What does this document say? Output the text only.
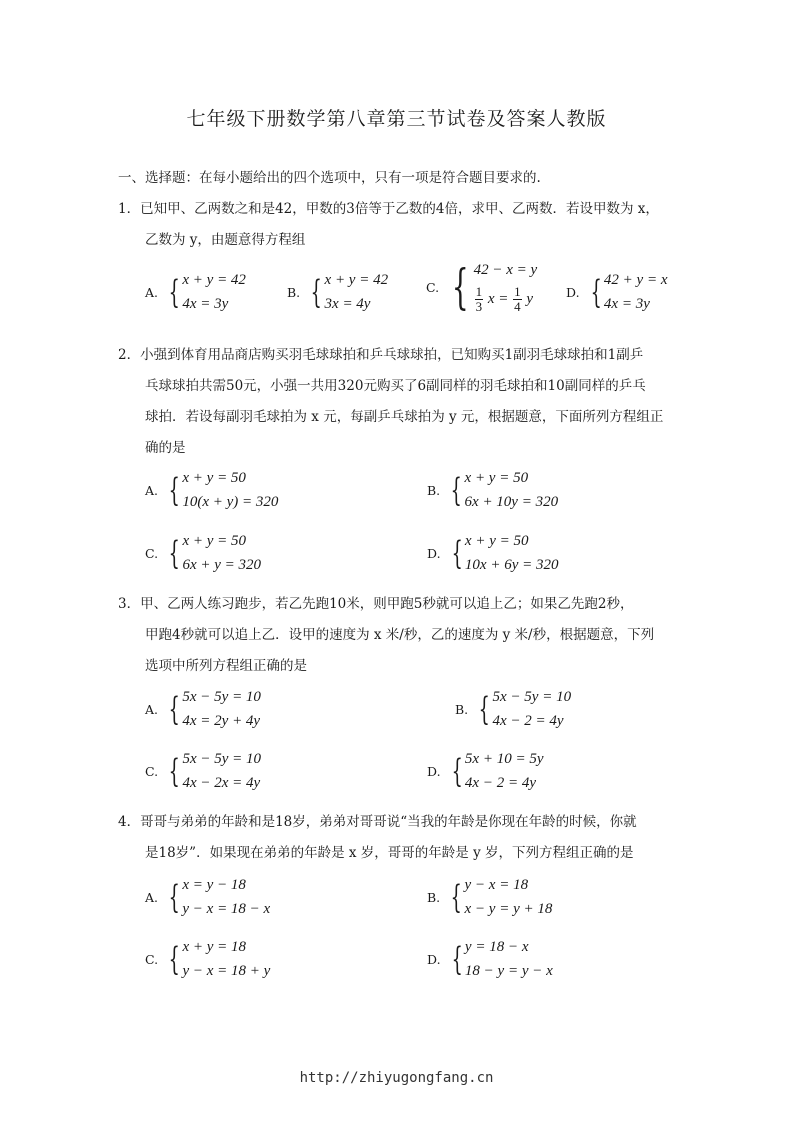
七年级下册数学第八章第三节试卷及答案人教版
一、选择题：在每小题给出的四个选项中，只有一项是符合题目要求的.
1．已知甲、乙两数之和是42，甲数的3倍等于乙数的4倍，求甲、乙两数．若设甲数为 x，
乙数为 y，由题意得方程组
A. { x + y = 42
4x = 3y
B. { x + y = 42
3x = 4y
C. { 42 − x = y
$\frac{1}{3}$ $x = \frac{1}{4}$ y	D. { 42 + y = x
4x = 3y
2．小强到体育用品商店购买羽毛球球拍和乒乓球球拍，已知购买1副羽毛球球拍和1副乒
乓球球拍共需50元，小强一共用320元购买了6副同样的羽毛球拍和10副同样的乒乓
球拍．若设每副羽毛球拍为 x 元，每副乒乓球拍为 y 元，根据题意，下面所列方程组正
确的是
A. { x + y = 50
10(x + y) = 320
B. { x + y = 50
6x + 10y = 320
C. { x + y = 50
6x + y = 320
D. { x + y = 50
10x + 6y = 320
3．甲、乙两人练习跑步，若乙先跑10米，则甲跑5秒就可以追上乙；如果乙先跑2秒，
甲跑4秒就可以追上乙．设甲的速度为 x 米/秒，乙的速度为 y 米/秒，根据题意，下列
选项中所列方程组正确的是
A. { 5x − 5y = 10
4x = 2y + 4y
B. { 5x − 5y = 10
4x − 2 = 4y
C. { 5x − 5y = 10
4x − 2x = 4y
D. { 5x + 10 = 5y
4x − 2 = 4y
4．哥哥与弟弟的年龄和是18岁，弟弟对哥哥说“当我的年龄是你现在年龄的时候，你就
是18岁”．如果现在弟弟的年龄是 x 岁，哥哥的年龄是 y 岁，下列方程组正确的是
A. { x = y − 18
y − x = 18 − x
B. { y − x = 18
x − y = y + 18
C. { x + y = 18
y − x = 18 + y
D. { y = 18 − x
18 − y = y − x
http://zhiyugongfang.cn
